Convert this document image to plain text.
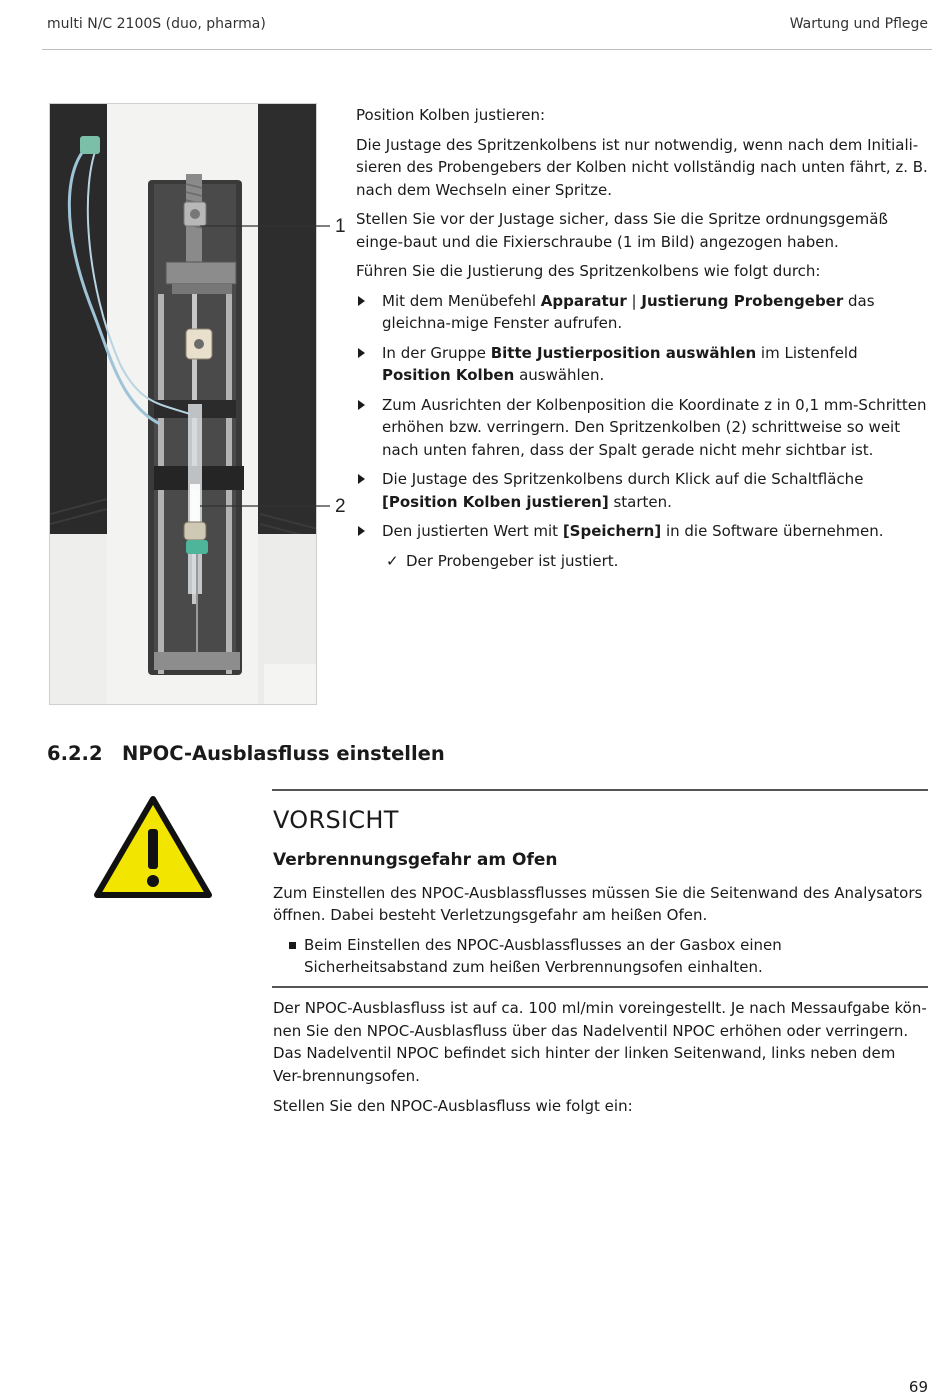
multi N/C 2100S (duo, pharma)	Wartung und Pflege
1
2

Position Kolben justieren:

Die Justage des Spritzenkolbens ist nur notwendig, wenn nach dem Initiali-sieren des Probengebers der Kolben nicht vollständig nach unten fährt, z. B. nach dem Wechseln einer Spritze.

Stellen Sie vor der Justage sicher, dass Sie die Spritze ordnungsgemäß einge-baut und die Fixierschraube (1 im Bild) angezogen haben.

Führen Sie die Justierung des Spritzenkolbens wie folgt durch:

Mit dem Menübefehl Apparatur | Justierung Probengeber das gleichna-mige Fenster aufrufen.
In der Gruppe Bitte Justierposition auswählen im Listenfeld Position Kolben auswählen.
Zum Ausrichten der Kolbenposition die Koordinate z in 0,1 mm-Schritten erhöhen bzw. verringern. Den Spritzenkolben (2) schrittweise so weit nach unten fahren, dass der Spalt gerade nicht mehr sichtbar ist.
Die Justage des Spritzenkolbens durch Klick auf die Schaltfläche [Position Kolben justieren] starten.
Den justierten Wert mit [Speichern] in die Software übernehmen.
✓ Der Probengeber ist justiert.
6.2.2 NPOC-Ausblasfluss einstellen
VORSICHT
Verbrennungsgefahr am Ofen

Zum Einstellen des NPOC-Ausblassflusses müssen Sie die Seitenwand des Analysators öffnen. Dabei besteht Verletzungsgefahr am heißen Ofen.

Beim Einstellen des NPOC-Ausblassflusses an der Gasbox einen Sicherheitsabstand zum heißen Verbrennungsofen einhalten.

Der NPOC-Ausblasfluss ist auf ca. 100 ml/min voreingestellt. Je nach Messaufgabe kön-nen Sie den NPOC-Ausblasfluss über das Nadelventil NPOC erhöhen oder verringern. Das Nadelventil NPOC befindet sich hinter der linken Seitenwand, links neben dem Ver-brennungsofen.

Stellen Sie den NPOC-Ausblasfluss wie folgt ein:

69
